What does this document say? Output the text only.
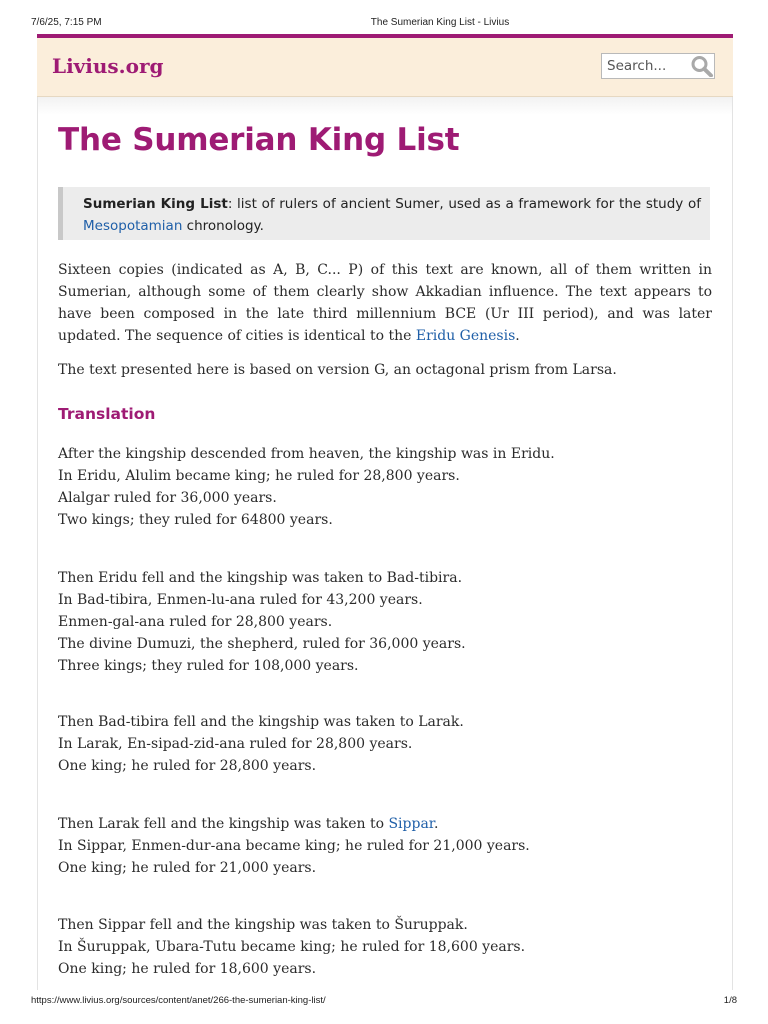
7/6/25, 7:15 PM	The Sumerian King List - Livius
Livius.org
Search...
The Sumerian King List
Sumerian King List: list of rulers of ancient Sumer, used as a framework for the study of Mesopotamian chronology.

Sixteen copies (indicated as A, B, C... P) of this text are known, all of them written in Sumerian, although some of them clearly show Akkadian influence. The text appears to have been composed in the late third millennium BCE (Ur III period), and was later updated. The sequence of cities is identical to the Eridu Genesis.

The text presented here is based on version G, an octagonal prism from Larsa.

Translation
After the kingship descended from heaven, the kingship was in Eridu.
In Eridu, Alulim became king; he ruled for 28,800 years.
Alalgar ruled for 36,000 years.
Two kings; they ruled for 64800 years.
Then Eridu fell and the kingship was taken to Bad-tibira.
In Bad-tibira, Enmen-lu-ana ruled for 43,200 years.
Enmen-gal-ana ruled for 28,800 years.
The divine Dumuzi, the shepherd, ruled for 36,000 years.
Three kings; they ruled for 108,000 years.
Then Bad-tibira fell and the kingship was taken to Larak.
In Larak, En-sipad-zid-ana ruled for 28,800 years.
One king; he ruled for 28,800 years.
Then Larak fell and the kingship was taken to Sippar.
In Sippar, Enmen-dur-ana became king; he ruled for 21,000 years.
One king; he ruled for 21,000 years.
Then Sippar fell and the kingship was taken to Šuruppak.
In Šuruppak, Ubara-Tutu became king; he ruled for 18,600 years.
One king; he ruled for 18,600 years.
https://www.livius.org/sources/content/anet/266-the-sumerian-king-list/	1/8
